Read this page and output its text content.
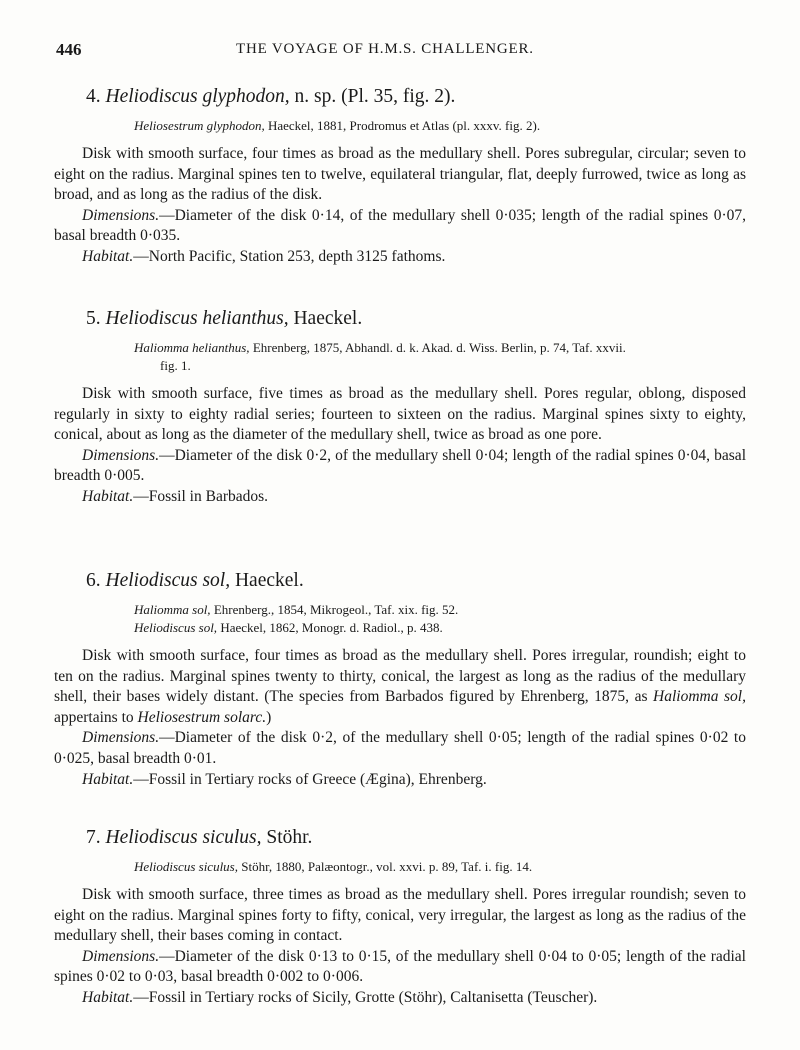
446	THE VOYAGE OF H.M.S. CHALLENGER.
4. Heliodiscus glyphodon, n. sp. (Pl. 35, fig. 2).
Heliosestrum glyphodon, Haeckel, 1881, Prodromus et Atlas (pl. xxxv. fig. 2).

Disk with smooth surface, four times as broad as the medullary shell. Pores subregular, circular; seven to eight on the radius. Marginal spines ten to twelve, equilateral triangular, flat, deeply furrowed, twice as long as broad, and as long as the radius of the disk.

Dimensions.—Diameter of the disk 0·14, of the medullary shell 0·035; length of the radial spines 0·07, basal breadth 0·035.

Habitat.—North Pacific, Station 253, depth 3125 fathoms.

5. Heliodiscus helianthus, Haeckel.
Haliomma helianthus, Ehrenberg, 1875, Abhandl. d. k. Akad. d. Wiss. Berlin, p. 74, Taf. xxvii.
fig. 1.

Disk with smooth surface, five times as broad as the medullary shell. Pores regular, oblong, disposed regularly in sixty to eighty radial series; fourteen to sixteen on the radius. Marginal spines sixty to eighty, conical, about as long as the diameter of the medullary shell, twice as broad as one pore.

Dimensions.—Diameter of the disk 0·2, of the medullary shell 0·04; length of the radial spines 0·04, basal breadth 0·005.

Habitat.—Fossil in Barbados.

6. Heliodiscus sol, Haeckel.
Haliomma sol, Ehrenberg., 1854, Mikrogeol., Taf. xix. fig. 52.
Heliodiscus sol, Haeckel, 1862, Monogr. d. Radiol., p. 438.

Disk with smooth surface, four times as broad as the medullary shell. Pores irregular, roundish; eight to ten on the radius. Marginal spines twenty to thirty, conical, the largest as long as the radius of the medullary shell, their bases widely distant. (The species from Barbados figured by Ehrenberg, 1875, as Haliomma sol, appertains to Heliosestrum solarc.)

Dimensions.—Diameter of the disk 0·2, of the medullary shell 0·05; length of the radial spines 0·02 to 0·025, basal breadth 0·01.

Habitat.—Fossil in Tertiary rocks of Greece (Ægina), Ehrenberg.

7. Heliodiscus siculus, Stöhr.
Heliodiscus siculus, Stöhr, 1880, Palæontogr., vol. xxvi. p. 89, Taf. i. fig. 14.

Disk with smooth surface, three times as broad as the medullary shell. Pores irregular roundish; seven to eight on the radius. Marginal spines forty to fifty, conical, very irregular, the largest as long as the radius of the medullary shell, their bases coming in contact.

Dimensions.—Diameter of the disk 0·13 to 0·15, of the medullary shell 0·04 to 0·05; length of the radial spines 0·02 to 0·03, basal breadth 0·002 to 0·006.

Habitat.—Fossil in Tertiary rocks of Sicily, Grotte (Stöhr), Caltanisetta (Teuscher).
